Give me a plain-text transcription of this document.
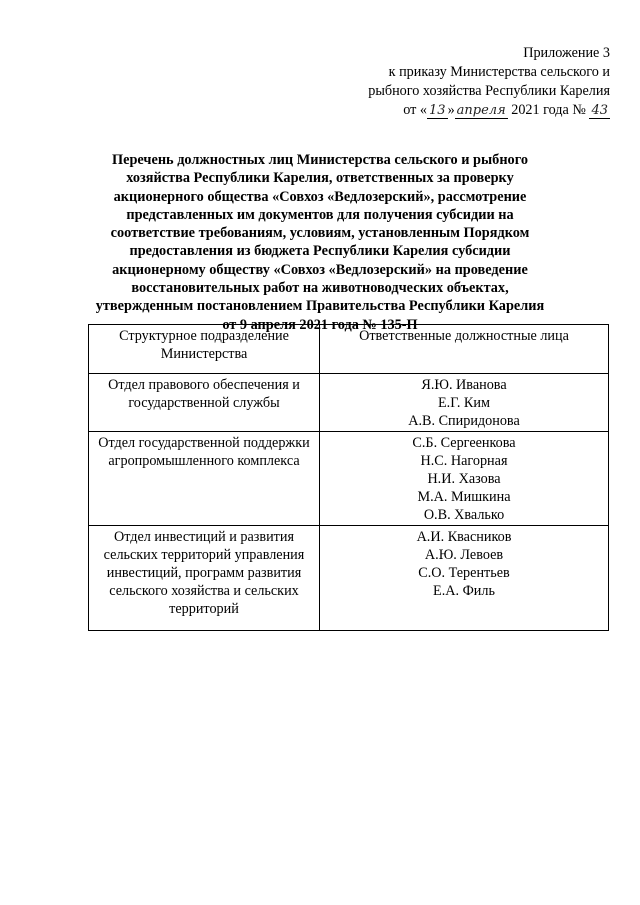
Приложение 3
к приказу Министерства сельского и
рыбного хозяйства Республики Карелия
от « 13 » апреля 2021 года № 43
Перечень должностных лиц Министерства сельского и рыбного хозяйства Республики Карелия, ответственных за проверку акционерного общества «Совхоз «Ведлозерский», рассмотрение представленных им документов для получения субсидии на соответствие требованиям, условиям, установленным Порядком предоставления из бюджета Республики Карелия субсидии акционерному обществу «Совхоз «Ведлозерский» на проведение восстановительных работ на животноводческих объектах, утвержденным постановлением Правительства Республики Карелия от 9 апреля 2021 года № 135-П
Структурное подразделение Министерства	Ответственные должностные лица
Отдел правового обеспечения и государственной службы	Я.Ю. Иванова
Е.Г. Ким
А.В. Спиридонова

Отдел государственной поддержки агропромышленного комплекса	С.Б. Сергеенкова
Н.С. Нагорная
Н.И. Хазова
М.А. Мишкина
О.В. Хвалько

Отдел инвестиций и развития сельских территорий управления инвестиций, программ развития сельского хозяйства и сельских территорий	А.И. Квасников
А.Ю. Левоев
С.О. Терентьев
Е.А. Филь
